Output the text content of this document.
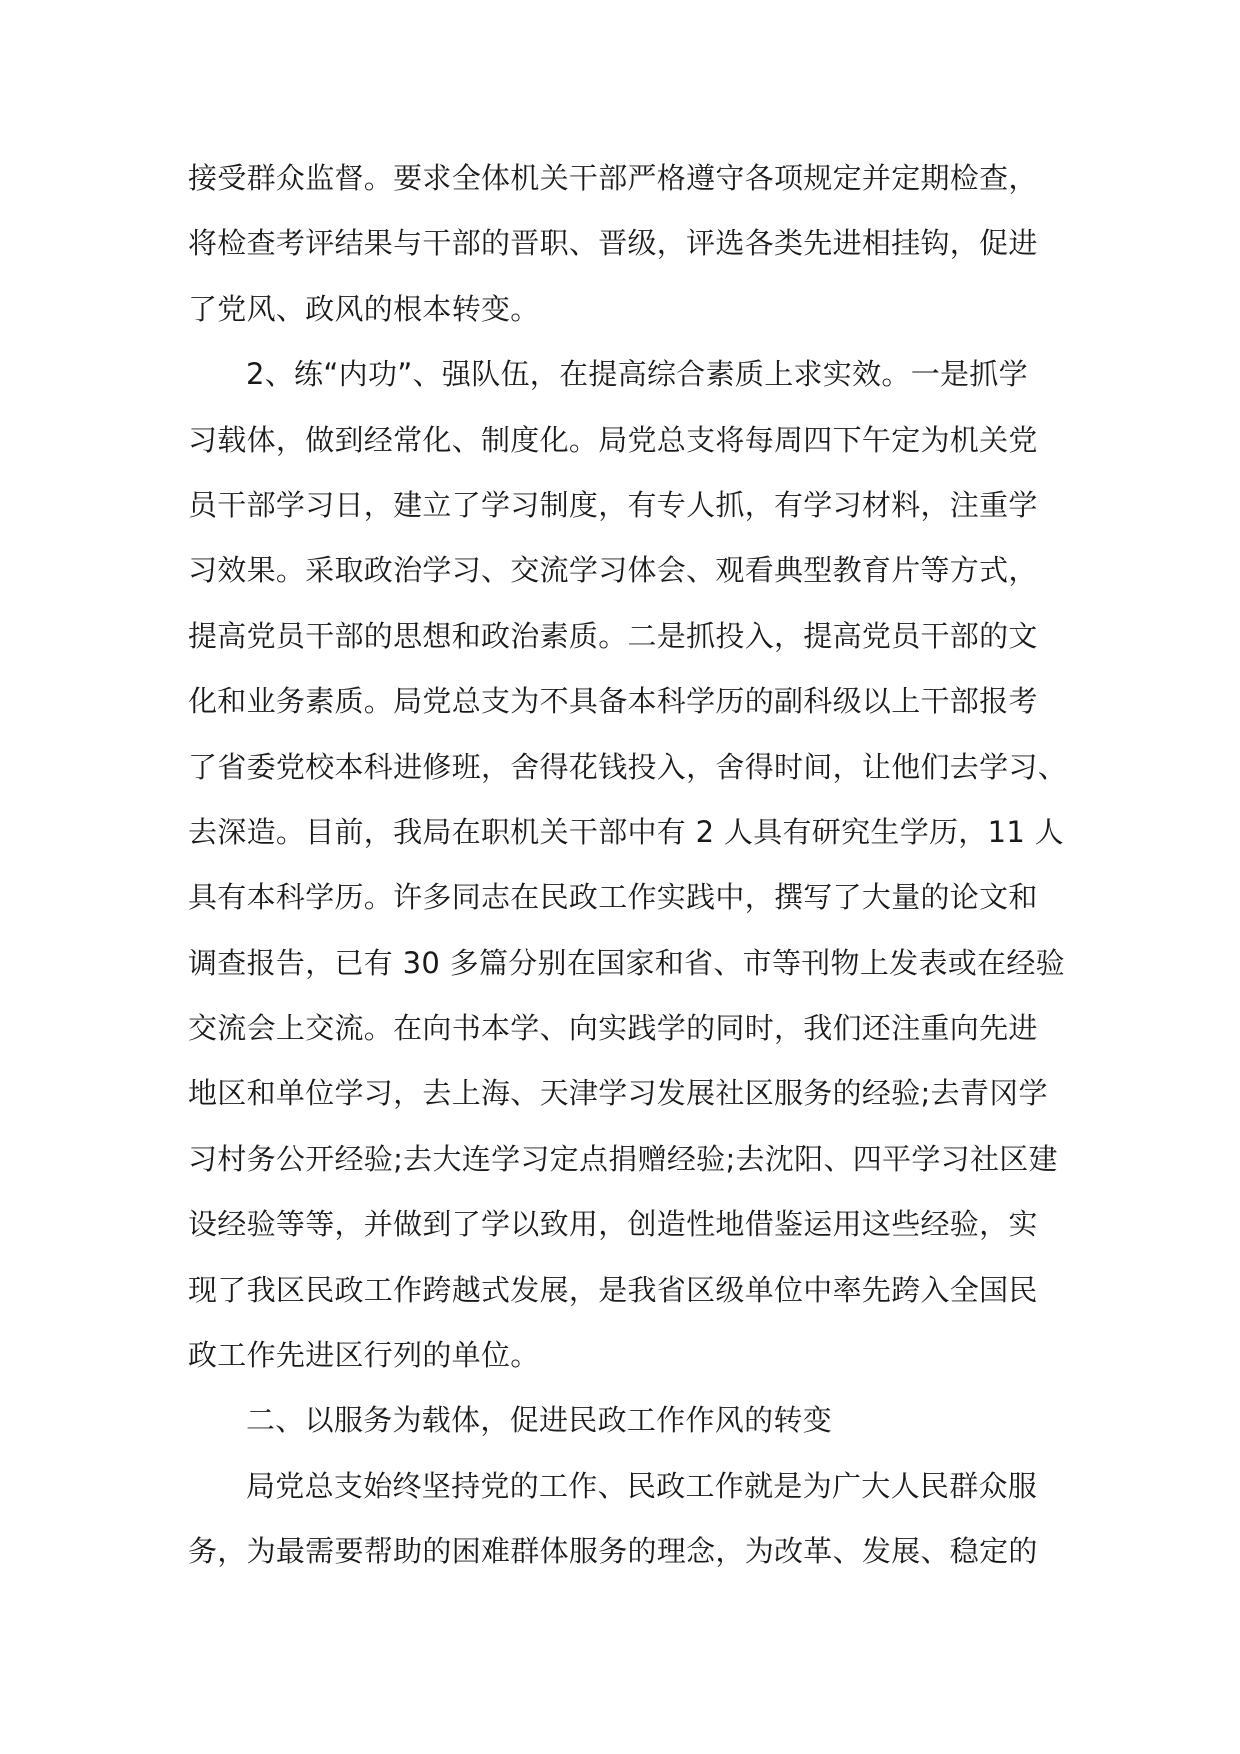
接受群众监督。要求全体机关干部严格遵守各项规定并定期检查，
将检查考评结果与干部的晋职、晋级，评选各类先进相挂钩，促进
了党风、政风的根本转变。
2、练“内功”、强队伍，在提高综合素质上求实效。一是抓学
习载体，做到经常化、制度化。局党总支将每周四下午定为机关党
员干部学习日，建立了学习制度，有专人抓，有学习材料，注重学
习效果。采取政治学习、交流学习体会、观看典型教育片等方式，
提高党员干部的思想和政治素质。二是抓投入，提高党员干部的文
化和业务素质。局党总支为不具备本科学历的副科级以上干部报考
了省委党校本科进修班，舍得花钱投入，舍得时间，让他们去学习、
去深造。目前，我局在职机关干部中有 2 人具有研究生学历，11 人
具有本科学历。许多同志在民政工作实践中，撰写了大量的论文和
调查报告，已有 30 多篇分别在国家和省、市等刊物上发表或在经验
交流会上交流。在向书本学、向实践学的同时，我们还注重向先进
地区和单位学习，去上海、天津学习发展社区服务的经验;去青冈学
习村务公开经验;去大连学习定点捐赠经验;去沈阳、四平学习社区建
设经验等等，并做到了学以致用，创造性地借鉴运用这些经验，实
现了我区民政工作跨越式发展，是我省区级单位中率先跨入全国民
政工作先进区行列的单位。
二、以服务为载体，促进民政工作作风的转变
局党总支始终坚持党的工作、民政工作就是为广大人民群众服
务，为最需要帮助的困难群体服务的理念，为改革、发展、稳定的
